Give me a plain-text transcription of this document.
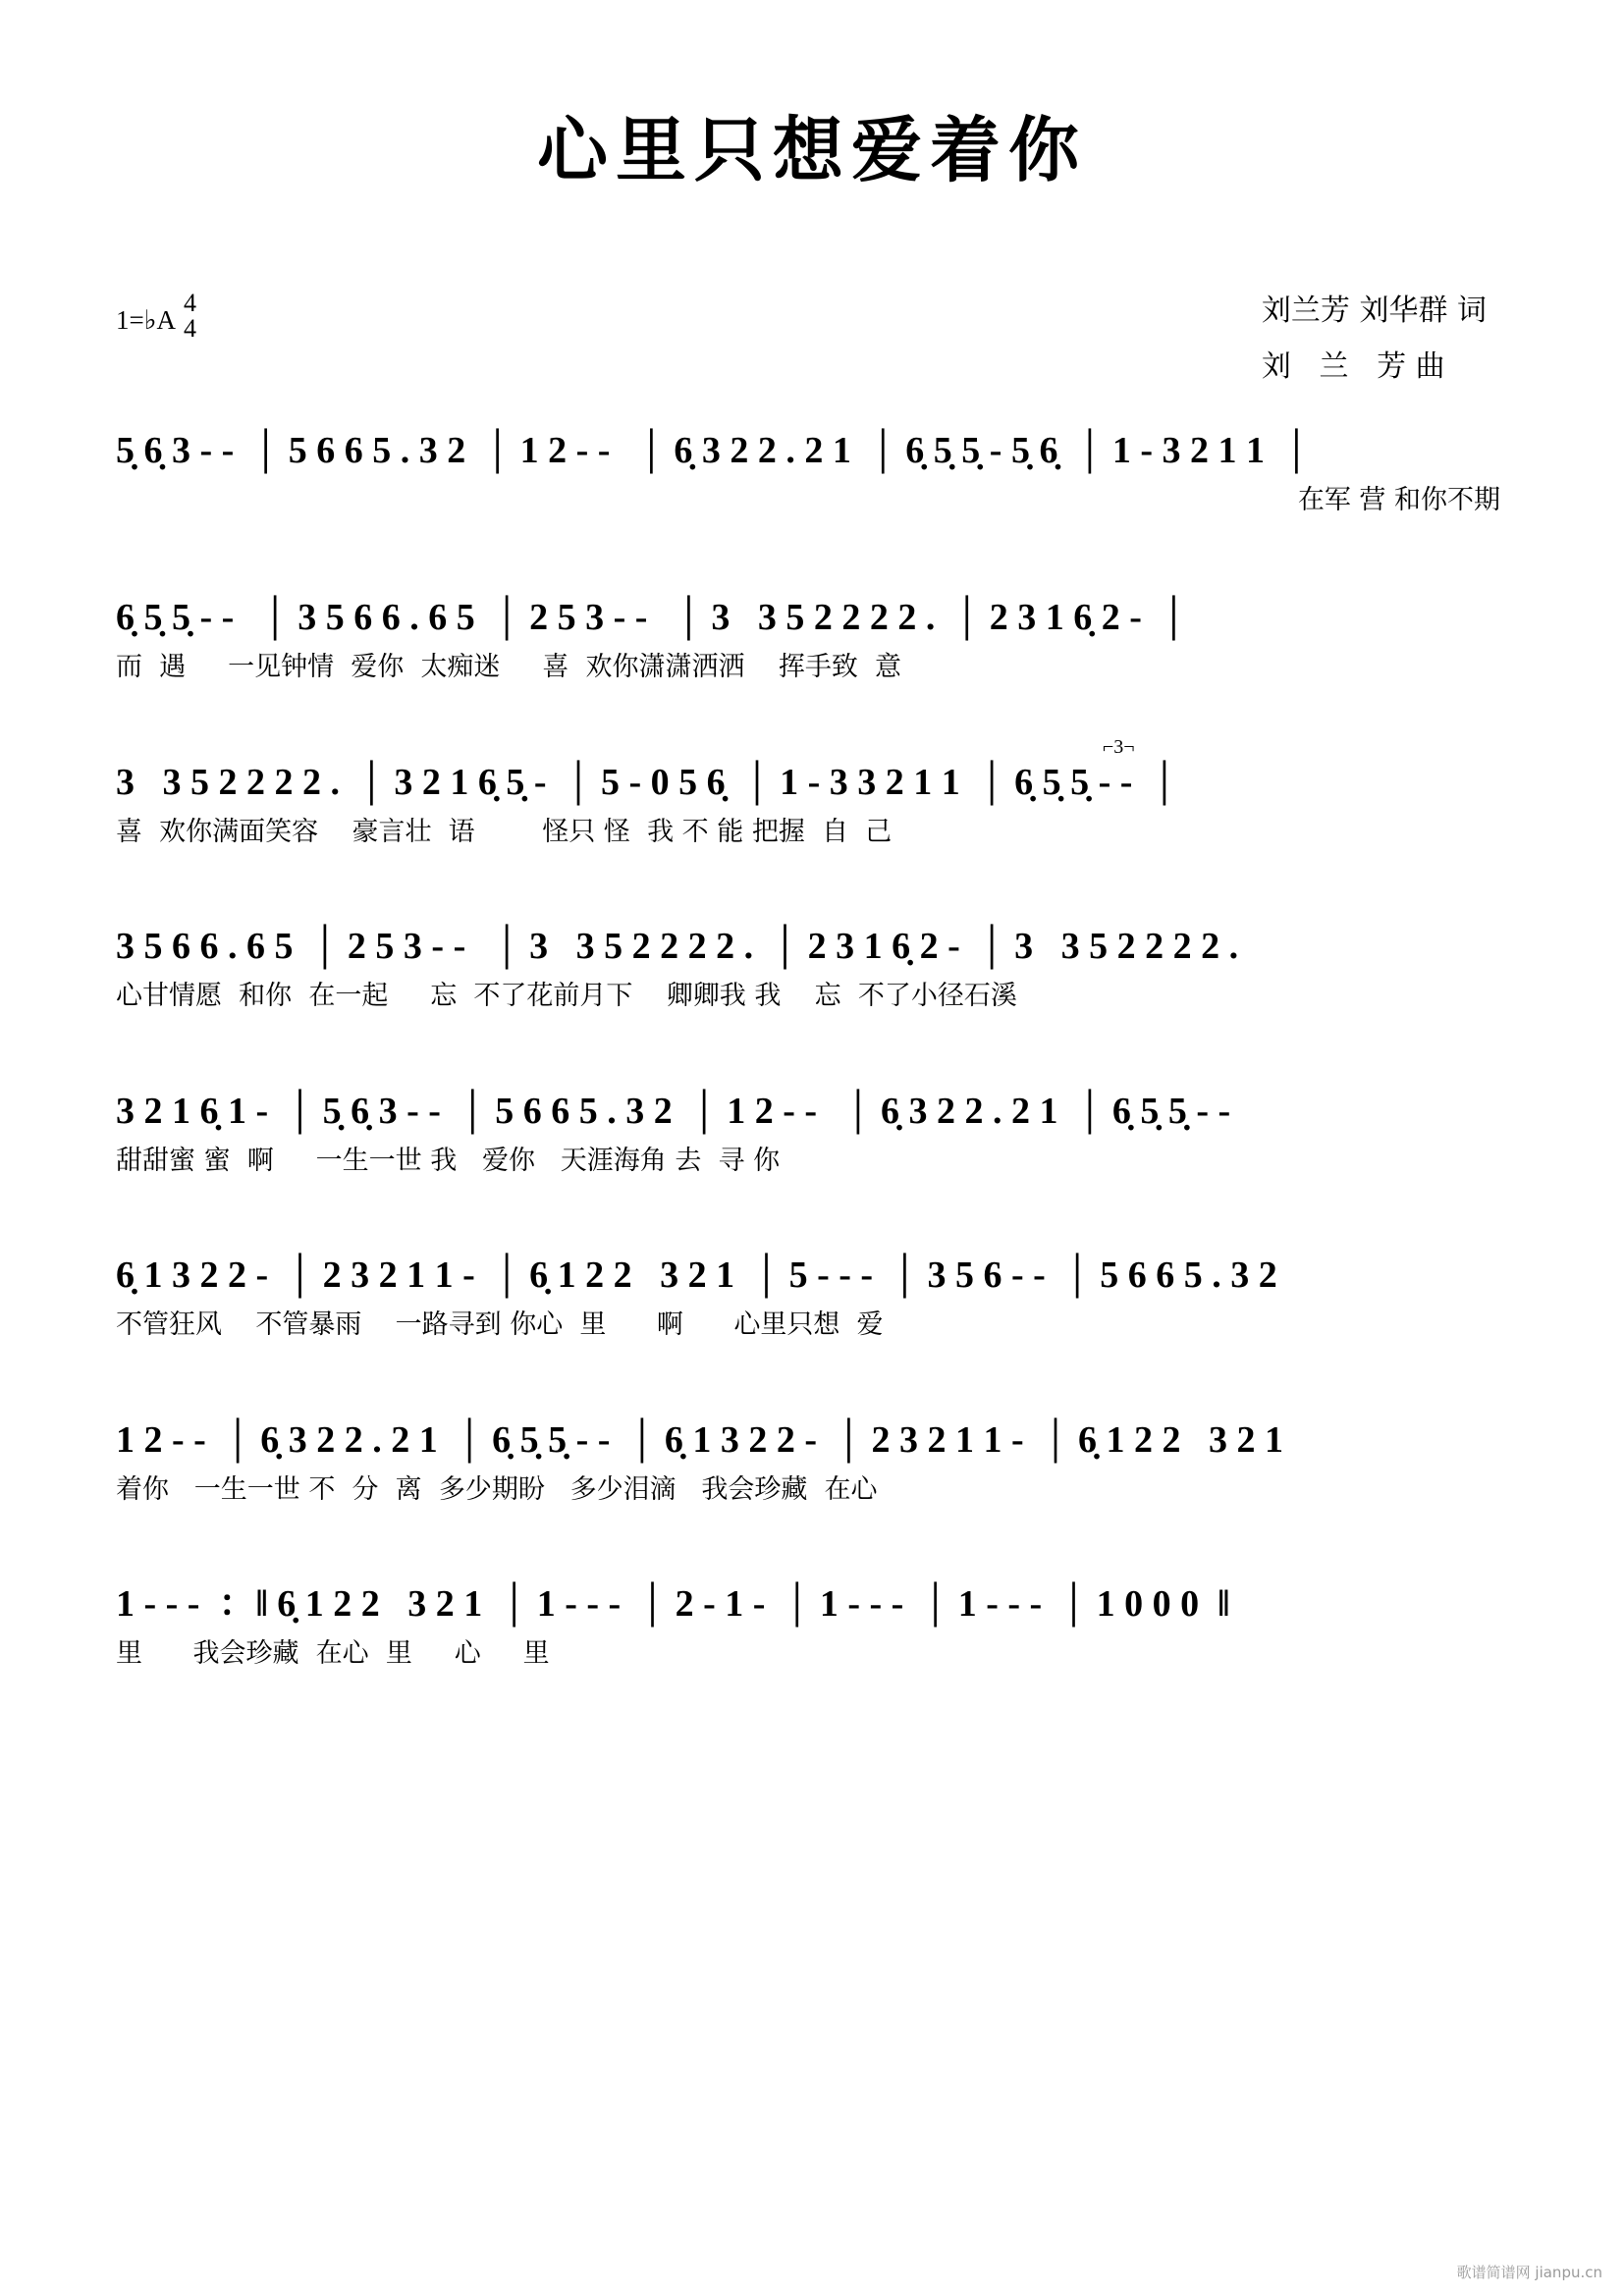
心里只想爱着你
1=♭A
4
4
刘兰芳 刘华群 词
刘   兰   芳 曲
5̣ 6̣ 3 - -  │ 5 6 6 5 . 3 2  │ 1 2 - -   │ 6̣ 3 2 2 . 2 1  │ 6̣ 5̣ 5̣ - 5̣ 6̣  │ 1 - 3 2 1 1  │
在军 营 和你不期
6̣ 5̣ 5̣ - -   │ 3 5 6 6 . 6 5  │ 2 5 3 - -   │ 3   3 5 2 2 2 2 .  │ 2 3 1 6̣ 2 -  │
而  遇     一见钟情  爱你  太痴迷     喜  欢你潇潇洒洒    挥手致  意
⌐3¬
3   3 5 2 2 2 2 .  │ 3 2 1 6̣ 5̣ -  │ 5 - 0 5 6̣  │ 1 - 3 3 2 1 1  │ 6̣ 5̣ 5̣ - -  │
喜  欢你满面笑容    豪言壮  语        怪只 怪  我 不 能 把握  自  己
3 5 6 6 . 6 5  │ 2 5 3 - -   │ 3   3 5 2 2 2 2 .  │ 2 3 1 6̣ 2 -  │ 3   3 5 2 2 2 2 .
心甘情愿  和你  在一起     忘  不了花前月下    卿卿我 我    忘  不了小径石溪
3 2 1 6̣ 1 -  │ 5̣ 6̣ 3 - -  │ 5 6 6 5 . 3 2  │ 1 2 - -   │ 6̣ 3 2 2 . 2 1  │ 6̣ 5̣ 5̣ - -
甜甜蜜 蜜  啊     一生一世 我   爱你   天涯海角 去  寻 你
6̣ 1 3 2 2 -  │ 2 3 2 1 1 -  │ 6̣ 1 2 2   3 2 1  │ 5 - - -  │ 3 5 6 - -  │ 5 6 6 5 . 3 2
不管狂风    不管暴雨    一路寻到 你心  里      啊      心里只想  爱
1 2 - -  │ 6̣ 3 2 2 . 2 1  │ 6̣ 5̣ 5̣ - -  │ 6̣ 1 3 2 2 -  │ 2 3 2 1 1 -  │ 6̣ 1 2 2   3 2 1
着你   一生一世 不  分  离  多少期盼   多少泪滴   我会珍藏  在心
1 - - -  ：‖ 6̣ 1 2 2   3 2 1  │ 1 - - -  │ 2 - 1 -  │ 1 - - -  │ 1 - - -  │ 1 0 0 0  ‖
里      我会珍藏  在心  里     心     里
歌谱简谱网 jianpu.cn
